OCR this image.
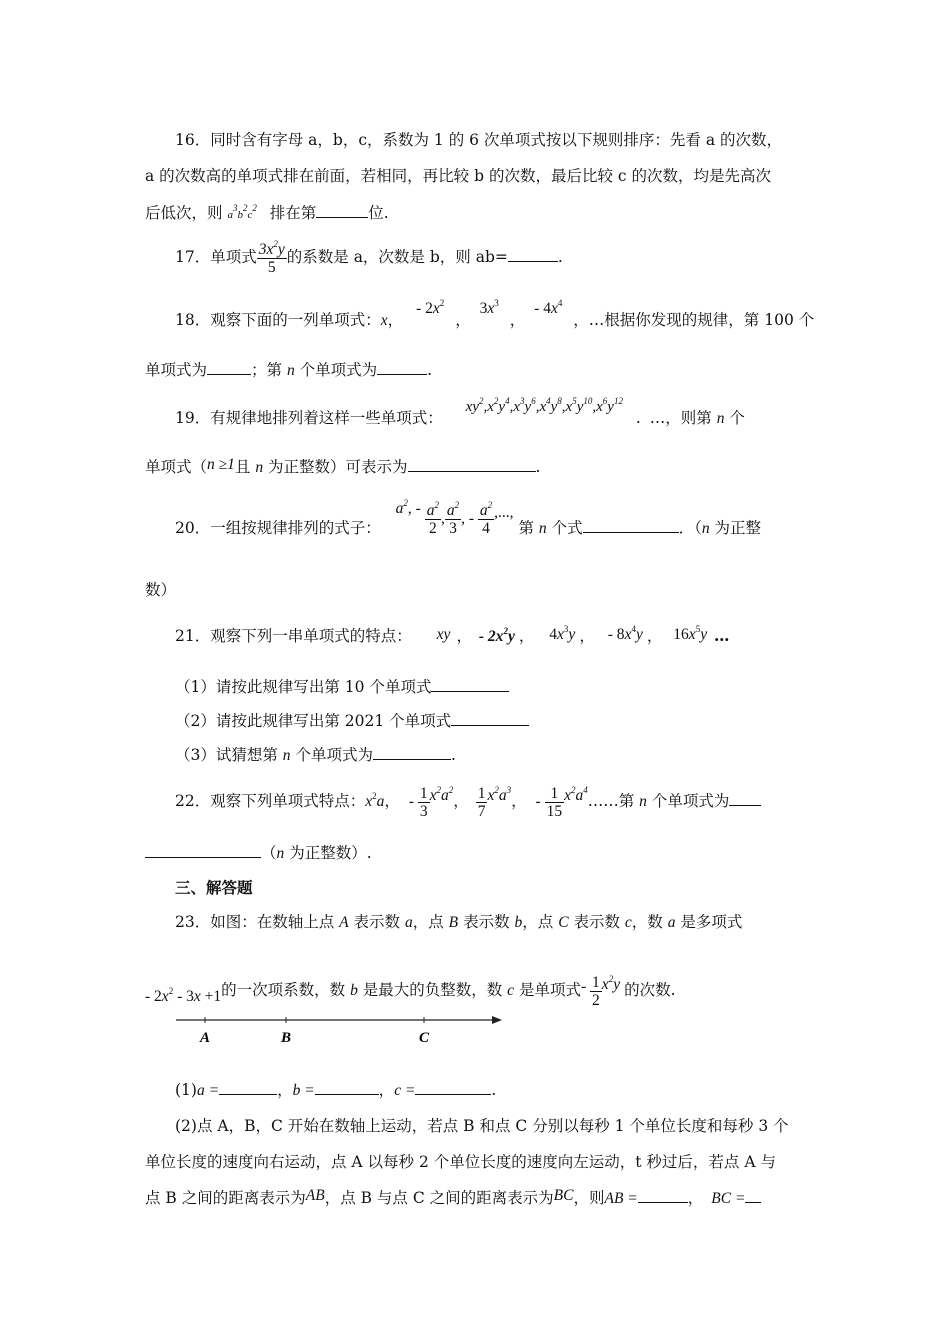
16．同时含有字母 a，b，c，系数为 1 的 6 次单项式按以下规则排序：先看 a 的次数，
a 的次数高的单项式排在前面，若相同，再比较 b 的次数，最后比较 c 的次数，均是先高次
后低次，则 $a^3b^2c^2$ 排在第	位.
17．单项式 $\frac{3x^2y}{5}$ 的系数是 a，次数是 b，则 ab=	.
18．观察下面的一列单项式：x， - $2x^2$ ， $3x^3$ ， - $4x^4$ ，…根据你发现的规律，第 100 个
单项式为	；第 n 个单项式为	.
19．有规律地排列着这样一些单项式： $xy^2,x^2y^4,x^3y^6,x^4y^8,x^5y^{10},x^6y^{12}$ . …，则第 n 个
单项式（n ≥1且 n 为正整数）可表示为	.
20．一组按规律排列的式子： $a^2$, - $\frac{a^2}{2}$ , $\frac{a^2}{3}$ , - $\frac{a^2}{4}$ ,..., 第 n 个式	．（n 为正整
数）
21．观察下列一串单项式的特点： xy ， - $2x^2y$ ， $4x^3y$ ， - $8x^4y$ ， $16x^5y$ …
（1）请按此规律写出第 10 个单项式
（2）请按此规律写出第 2021 个单项式
（3）试猜想第 n 个单项式为	.
22．观察下列单项式特点：$x^2a$， - $\frac{1}{3} x^2a^2$， $\frac{1}{7} x^2a^3$， - $\frac{1}{15}$ $x^2a^4\dots\dots$第 n 个单项式为
（n 为正整数）.
三、解答题
23．如图：在数轴上点 A 表示数 a，点 B 表示数 b，点 C 表示数 c，数 a 是多项式
- $2x^2 - 3x +1$的一次项系数，数 b 是最大的负整数，数 c 是单项式- $\frac{1}{2} x^2y$ 的次数.
A	B	C
(1)a =	，b =	，c =	.
(2)点 A，B，C 开始在数轴上运动，若点 B 和点 C 分别以每秒 1 个单位长度和每秒 3 个
单位长度的速度向右运动，点 A 以每秒 2 个单位长度的速度向左运动，t 秒过后，若点 A 与
点 B 之间的距离表示为AB，点 B 与点 C 之间的距离表示为BC，则AB =	， BC =
